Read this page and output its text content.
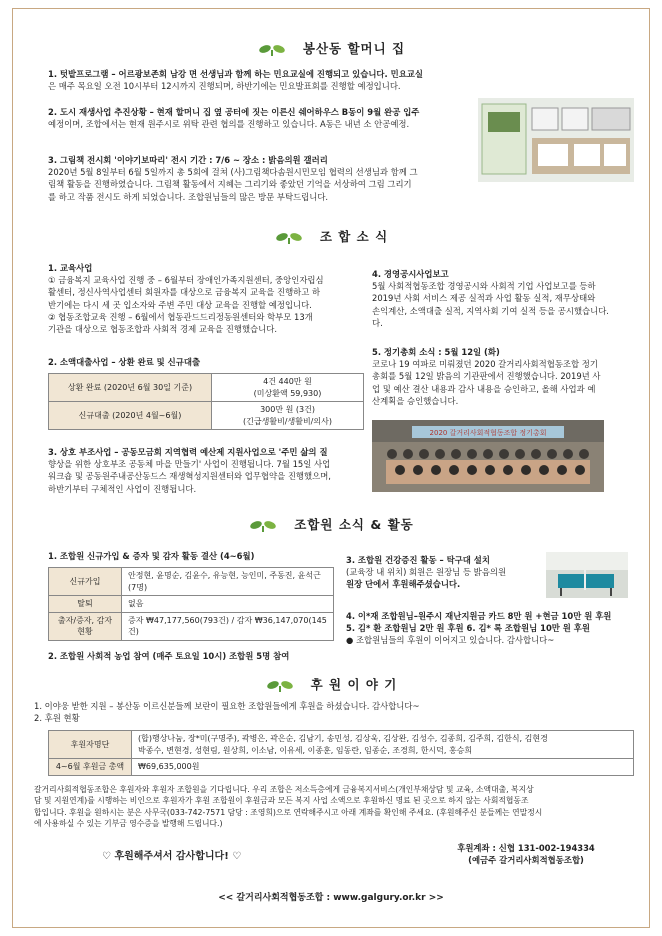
봉산동 할머니 집
1. 텃밭프로그램 – 어르광보존회 남강 면 선생님과 함께 하는 민요교실에 진행되고 있습니다. 민요교실
은 매주 목요일 오전 10시부터 12시까지 진행되며, 하반기에는 민요발표회를 진행할 예정입니다.
2. 도시 재생사업 추진상황 – 현재 할머니 집 옆 공터에 짓는 이른신 쉐어하우스 B동이 9월 완공 입주
예정이며, 조합에서는 현재 원주시로 위탁 관련 협의를 진행하고 있습니다. A동은 내년 소 안공예정.
3. 그림책 전시회 '이야기보따리' 전시 기간 : 7/6 ~ 장소 : 밝음의원 갤러리
2020년 5월 8일부터 6월 5일까지 총 5회에 걸쳐 (사)그림책다솜원시민모임 협력의 선생님과 함께 그
림책 활동을 진행하였습니다. 그림책 활동에서 지혜는 그리기와 좋았던 기억을 서상하여 그림 그리기
를 하고 작품 전시도 하게 되었습니다. 조합원님들의 많은 방문 부탁드립니다.
조 합 소 식
1. 교육사업
① 금융복지 교육사업 진행 중 – 6월부터 장애인가족지원센터, 중앙인자립심
활센터, 정신사역사업센터 회원자를 대상으로 금융복지 교육을 진행하고 하
반기에는 다시 세 곳 입소자와 주변 주민 대상 교육을 진행할 예정입니다.
② 협동조합교육 진행 – 6월에서 협동관드드리정동원센터와 학부모 13개
기관을 대상으로 협동조합과 사회적 경제 교육을 진행했습니다.
2. 소액대출사업 – 상환 완료 및 신규대출
상환 완료 (2020년 6월 30일 기준)	4건 440만 원
(미상환액 59,930)

신규대출 (2020년 4월~6월)	300만 원 (3건)
(긴급생활비/생활비/의사)
3. 상호 부조사업 – 공동모금회 지역협력 예산제 지원사업으로 '주민 삶의 질
향상을 위한 상호부조 공동체 마을 만들기' 사업이 진행됩니다. 7월 15일 사업
워크숍 및 공동원주내공산동드스 재생혁성지원센터와 업무협약을 진행했으며,
하반기부터 구체적인 사업이 진행됩니다.
4. 경영공시사업보고
5월 사회적협동조합 경영공시와 사회적 기업 사업보고를 등하
2019년 사회 서비스 제공 실적과 사업 활동 실적, 재무상태와
손익계산, 소액대출 실적, 지역사회 기여 실적 등을 공시했습니다.
다.
5. 정기총회 소식 : 5월 12일 (화)
코로나 19 여파로 미뤄졌던 2020 갈거리사회적협동조합 정기
총회를 5월 12일 밝음의 기관판에서 진행했습니다. 2019년 사
업 및 예산 결산 내용과 감사 내용을 승인하고, 올해 사업과 예
산계획을 승인했습니다.
2020 갈거리사회적협동조합 정기총회
조합원 소식 & 활동
1. 조합원 신규가입 & 증자 및 감자 활동 결산 (4~6월)
신규가입	안정현, 윤명순, 김윤수, 유능현, 능인미, 주동진, 윤석근 (7명)
탈퇴	없음
출자/증자, 감자현황	증자 ₩47,177,560(793건) / 감자 ₩36,147,070(145건)
2. 조합원 사회적 농업 참여 (매주 토요일 10시) 조합원 5명 참여
3. 조합원 건강증진 활동 – 탁구대 설치
(교육장 내 위치) 회원은 원장님 등 밝음의원
원장 단에서 후원해주셨습니다.
4. 이*재 조합원님–원주시 재난지원금 카드 8만 원 +현금 10만 원 후원
5. 김* 환 조합원님 2만 원 후원 6. 김* 록 조합원님 10만 원 후원
● 조합원님들의 후원이 이어지고 있습니다. 감사합니다~
후 원 이 야 기
1. 이야웅 받한 지원 – 봉산동 이르신분들께 보란이 필요한 조합원들에게 후원을 하셨습니다. 감사합니다~
2. 후원 현황
후원자명단	(합)행상나눔, 장*미(구명주), 곽병은, 곽은순, 김남기, 송민성, 김상욱, 김상완, 김성수, 김종희, 김주희, 김한식, 김현경
박종수, 변현경, 성현림, 원상희, 이소남, 이유세, 이종훈, 임동란, 임종순, 조경희, 한시덕, 홍승희

4~6월 후원금 총액	₩69,635,000원
갈거리사회적협동조합은 후원자와 후원자 조합원을 기다립니다. 우리 조합은 저소득층에게 금융복지서비스(개인부채상담 및 교육, 소액대출, 복지상
담 및 지원연계)를 시행하는 비인으로 후원자가 후원 조합원이 후원금과 모든 복지 사업 소액으로 후원하신 명료 된 곳으로 하지 않는 사회적협동조
합입니다. 후원을 원하시는 분은 사무국(033-742-7571 담당 : 조영희)으로 연락해주시고 아래 계좌를 확인해 주세요. (후원해주신 분들께는 연말정시
에 사용하실 수 있는 기부금 영수증을 발행해 드립니다.)
♡ 후원해주셔서 감사합니다! ♡
후원계좌 : 신협 131-002-194334
(예금주 갈거리사회적협동조합)
<< 갈거리사회적협동조합 : www.galgury.or.kr >>
